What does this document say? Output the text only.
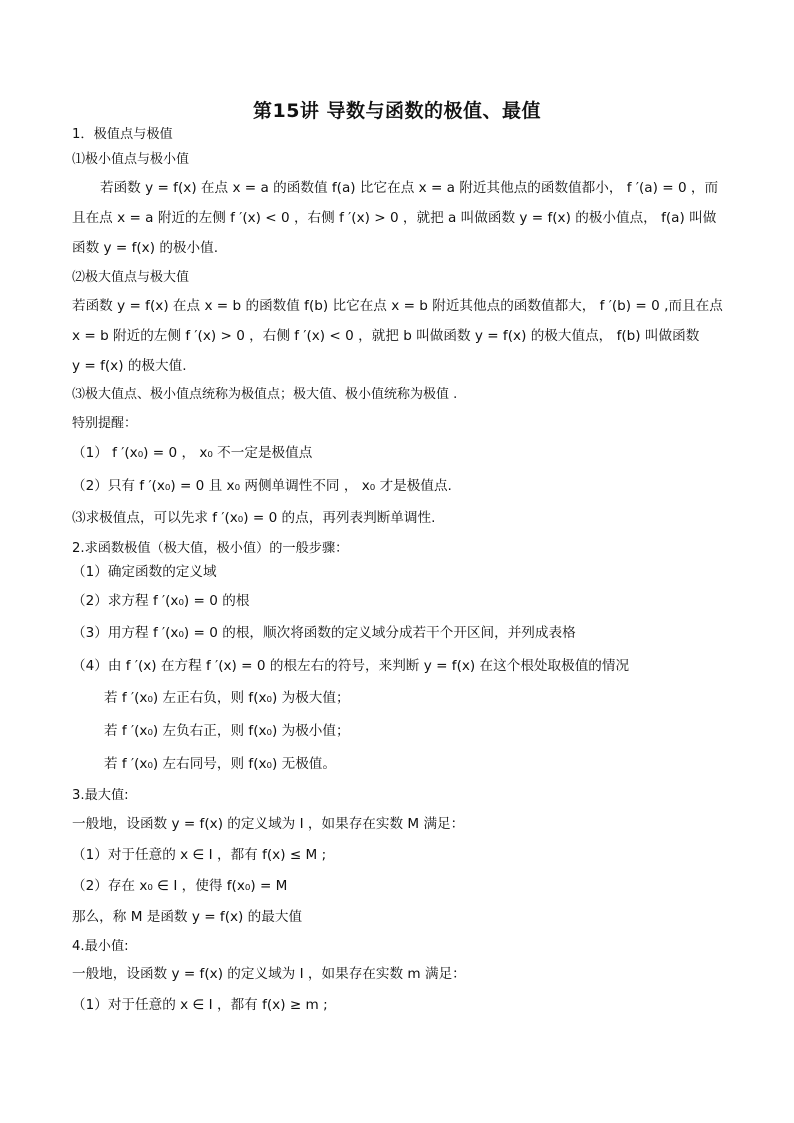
第15讲 导数与函数的极值、最值
1．极值点与极值
⑴极小值点与极小值
若函数 y = f(x) 在点 x = a 的函数值 f(a) 比它在点 x = a 附近其他点的函数值都小， f ′(a) = 0 ，而
且在点 x = a 附近的左侧 f ′(x) < 0 ，右侧 f ′(x) > 0 ，就把 a 叫做函数 y = f(x) 的极小值点， f(a) 叫做
函数 y = f(x) 的极小值.
⑵极大值点与极大值
若函数 y = f(x) 在点 x = b 的函数值 f(b) 比它在点 x = b 附近其他点的函数值都大， f ′(b) = 0 ,而且在点
x = b 附近的左侧 f ′(x) > 0 ，右侧 f ′(x) < 0 ，就把 b 叫做函数 y = f(x) 的极大值点， f(b) 叫做函数
y = f(x) 的极大值.
⑶极大值点、极小值点统称为极值点；极大值、极小值统称为极值 .
特别提醒：
（1） f ′(x₀) = 0 ， x₀ 不一定是极值点
（2）只有 f ′(x₀) = 0 且 x₀ 两侧单调性不同 ， x₀ 才是极值点.
⑶求极值点，可以先求 f ′(x₀) = 0 的点，再列表判断单调性.
2.求函数极值（极大值，极小值）的一般步骤：
（1）确定函数的定义域
（2）求方程 f ′(x₀) = 0 的根
（3）用方程 f ′(x₀) = 0 的根，顺次将函数的定义域分成若干个开区间，并列成表格
（4）由 f ′(x) 在方程 f ′(x) = 0 的根左右的符号，来判断 y = f(x) 在这个根处取极值的情况
若 f ′(x₀) 左正右负，则 f(x₀) 为极大值；
若 f ′(x₀) 左负右正，则 f(x₀) 为极小值；
若 f ′(x₀) 左右同号，则 f(x₀) 无极值。
3.最大值:
一般地，设函数 y = f(x) 的定义域为 I ，如果存在实数 M 满足：
（1）对于任意的 x ∈ I ，都有 f(x) ≤ M ;
（2）存在 x₀ ∈ I ，使得 f(x₀) = M
那么，称 M 是函数 y = f(x) 的最大值
4.最小值:
一般地，设函数 y = f(x) 的定义域为 I ，如果存在实数 m 满足：
（1）对于任意的 x ∈ I ，都有 f(x) ≥ m ;
